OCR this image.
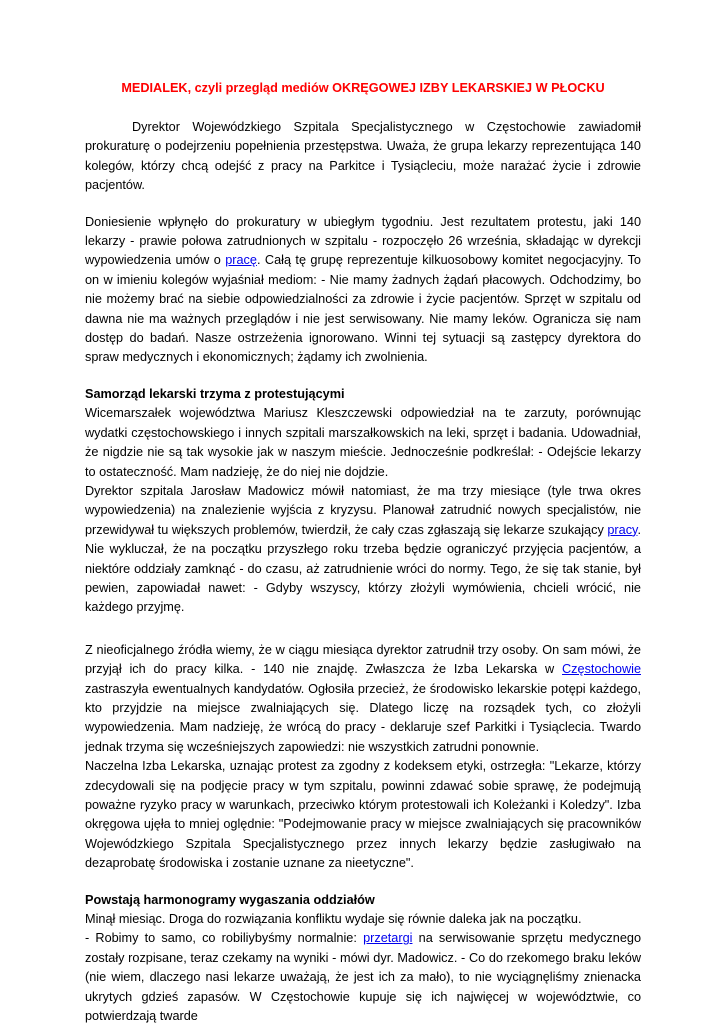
MEDIALEK, czyli przegląd mediów OKRĘGOWEJ IZBY LEKARSKIEJ W PŁOCKU

Dyrektor Wojewódzkiego Szpitala Specjalistycznego w Częstochowie zawiadomił prokuraturę o podejrzeniu popełnienia przestępstwa. Uważa, że grupa lekarzy reprezentująca 140 kolegów, którzy chcą odejść z pracy na Parkitce i Tysiącleciu, może narażać życie i zdrowie pacjentów.

Doniesienie wpłynęło do prokuratury w ubiegłym tygodniu. Jest rezultatem protestu, jaki 140 lekarzy - prawie połowa zatrudnionych w szpitalu - rozpoczęło 26 września, składając w dyrekcji wypowiedzenia umów o pracę. Całą tę grupę reprezentuje kilkuosobowy komitet negocjacyjny. To on w imieniu kolegów wyjaśniał mediom: - Nie mamy żadnych żądań płacowych. Odchodzimy, bo nie możemy brać na siebie odpowiedzialności za zdrowie i życie pacjentów. Sprzęt w szpitalu od dawna nie ma ważnych przeglądów i nie jest serwisowany. Nie mamy leków. Ogranicza się nam dostęp do badań. Nasze ostrzeżenia ignorowano. Winni tej sytuacji są zastępcy dyrektora do spraw medycznych i ekonomicznych; żądamy ich zwolnienia.

Samorząd lekarski trzyma z protestującymi

Wicemarszałek województwa Mariusz Kleszczewski odpowiedział na te zarzuty, porównując wydatki częstochowskiego i innych szpitali marszałkowskich na leki, sprzęt i badania. Udowadniał, że nigdzie nie są tak wysokie jak w naszym mieście. Jednocześnie podkreślał: - Odejście lekarzy to ostateczność. Mam nadzieję, że do niej nie dojdzie.

Dyrektor szpitala Jarosław Madowicz mówił natomiast, że ma trzy miesiące (tyle trwa okres wypowiedzenia) na znalezienie wyjścia z kryzysu. Planował zatrudnić nowych specjalistów, nie przewidywał tu większych problemów, twierdził, że cały czas zgłaszają się lekarze szukający pracy. Nie wykluczał, że na początku przyszłego roku trzeba będzie ograniczyć przyjęcia pacjentów, a niektóre oddziały zamknąć - do czasu, aż zatrudnienie wróci do normy. Tego, że się tak stanie, był pewien, zapowiadał nawet: - Gdyby wszyscy, którzy złożyli wymówienia, chcieli wrócić, nie każdego przyjmę.

Z nieoficjalnego źródła wiemy, że w ciągu miesiąca dyrektor zatrudnił trzy osoby. On sam mówi, że przyjął ich do pracy kilka. - 140 nie znajdę. Zwłaszcza że Izba Lekarska w Częstochowie zastraszyła ewentualnych kandydatów. Ogłosiła przecież, że środowisko lekarskie potępi każdego, kto przyjdzie na miejsce zwalniających się. Dlatego liczę na rozsądek tych, co złożyli wypowiedzenia. Mam nadzieję, że wrócą do pracy - deklaruje szef Parkitki i Tysiąclecia. Twardo jednak trzyma się wcześniejszych zapowiedzi: nie wszystkich zatrudni ponownie.

Naczelna Izba Lekarska, uznając protest za zgodny z kodeksem etyki, ostrzegła: "Lekarze, którzy zdecydowali się na podjęcie pracy w tym szpitalu, powinni zdawać sobie sprawę, że podejmują poważne ryzyko pracy w warunkach, przeciwko którym protestowali ich Koleżanki i Koledzy". Izba okręgowa ujęła to mniej oględnie: "Podejmowanie pracy w miejsce zwalniających się pracowników Wojewódzkiego Szpitala Specjalistycznego przez innych lekarzy będzie zasługiwało na dezaprobatę środowiska i zostanie uznane za nieetyczne".

Powstają harmonogramy wygaszania oddziałów

Minął miesiąc. Droga do rozwiązania konfliktu wydaje się równie daleka jak na początku.

- Robimy to samo, co robiliybyśmy normalnie: przetargi na serwisowanie sprzętu medycznego zostały rozpisane, teraz czekamy na wyniki - mówi dyr. Madowicz. - Co do rzekomego braku leków (nie wiem, dlaczego nasi lekarze uważają, że jest ich za mało), to nie wyciągnęliśmy znienacka ukrytych gdzieś zapasów. W Częstochowie kupuje się ich najwięcej w województwie, co potwierdzają twarde
